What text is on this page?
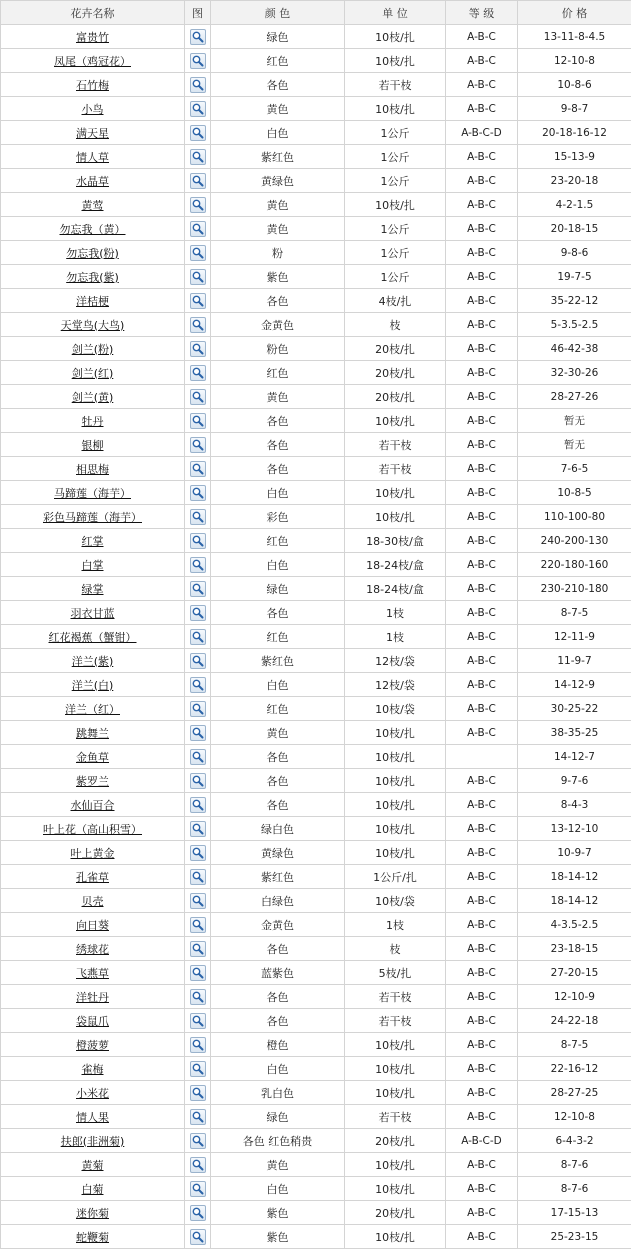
花卉名称	图	颜 色	单 位	等 级	价 格
富贵竹		绿色	10枝/扎	A-B-C	13-11-8-4.5
凤尾（鸡冠花）		红色	10枝/扎	A-B-C	12-10-8
石竹梅		各色	若干枝	A-B-C	10-8-6
小鸟		黄色	10枝/扎	A-B-C	9-8-7
满天星		白色	1公斤	A-B-C-D	20-18-16-12
情人草		紫红色	1公斤	A-B-C	15-13-9
水晶草		黄绿色	1公斤	A-B-C	23-20-18
黄莺		黄色	10枝/扎	A-B-C	4-2-1.5
勿忘我（黄）		黄色	1公斤	A-B-C	20-18-15
勿忘我(粉)		粉	1公斤	A-B-C	9-8-6
勿忘我(紫)		紫色	1公斤	A-B-C	19-7-5
洋桔梗		各色	4枝/扎	A-B-C	35-22-12
天堂鸟(大鸟)		金黄色	枝	A-B-C	5-3.5-2.5
剑兰(粉)		粉色	20枝/扎	A-B-C	46-42-38
剑兰(红)		红色	20枝/扎	A-B-C	32-30-26
剑兰(黄)		黄色	20枝/扎	A-B-C	28-27-26
牡丹		各色	10枝/扎	A-B-C	暂无
银柳		各色	若干枝	A-B-C	暂无
相思梅		各色	若干枝	A-B-C	7-6-5
马蹄莲（海芋）		白色	10枝/扎	A-B-C	10-8-5
彩色马蹄莲（海芋）		彩色	10枝/扎	A-B-C	110-100-80
红掌		红色	18-30枝/盒	A-B-C	240-200-130
白掌		白色	18-24枝/盒	A-B-C	220-180-160
绿掌		绿色	18-24枝/盒	A-B-C	230-210-180
羽衣甘蓝		各色	1枝	A-B-C	8-7-5
红花褐蕉（蟹钳）		红色	1枝	A-B-C	12-11-9
洋兰(紫)		紫红色	12枝/袋	A-B-C	11-9-7
洋兰(白)		白色	12枝/袋	A-B-C	14-12-9
洋兰（红）		红色	10枝/袋	A-B-C	30-25-22
跳舞兰		黄色	10枝/扎	A-B-C	38-35-25
金鱼草		各色	10枝/扎		14-12-7
紫罗兰		各色	10枝/扎	A-B-C	9-7-6
水仙百合		各色	10枝/扎	A-B-C	8-4-3
叶上花（高山积雪）		绿白色	10枝/扎	A-B-C	13-12-10
叶上黄金		黄绿色	10枝/扎	A-B-C	10-9-7
孔雀草		紫红色	1公斤/扎	A-B-C	18-14-12
贝壳		白绿色	10枝/袋	A-B-C	18-14-12
向日葵		金黄色	1枝	A-B-C	4-3.5-2.5
绣球花		各色	枝	A-B-C	23-18-15
飞燕草		蓝紫色	5枝/扎	A-B-C	27-20-15
洋牡丹		各色	若干枝	A-B-C	12-10-9
袋鼠爪		各色	若干枝	A-B-C	24-22-18
橙菠萝		橙色	10枝/扎	A-B-C	8-7-5
雀梅		白色	10枝/扎	A-B-C	22-16-12
小米花		乳白色	10枝/扎	A-B-C	28-27-25
情人果		绿色	若干枝	A-B-C	12-10-8
扶郎(非洲菊)		各色 红色稍贵	20枝/扎	A-B-C-D	6-4-3-2
黄菊		黄色	10枝/扎	A-B-C	8-7-6
白菊		白色	10枝/扎	A-B-C	8-7-6
迷你菊		紫色	20枝/扎	A-B-C	17-15-13
蛇鞭菊		紫色	10枝/扎	A-B-C	25-23-15
